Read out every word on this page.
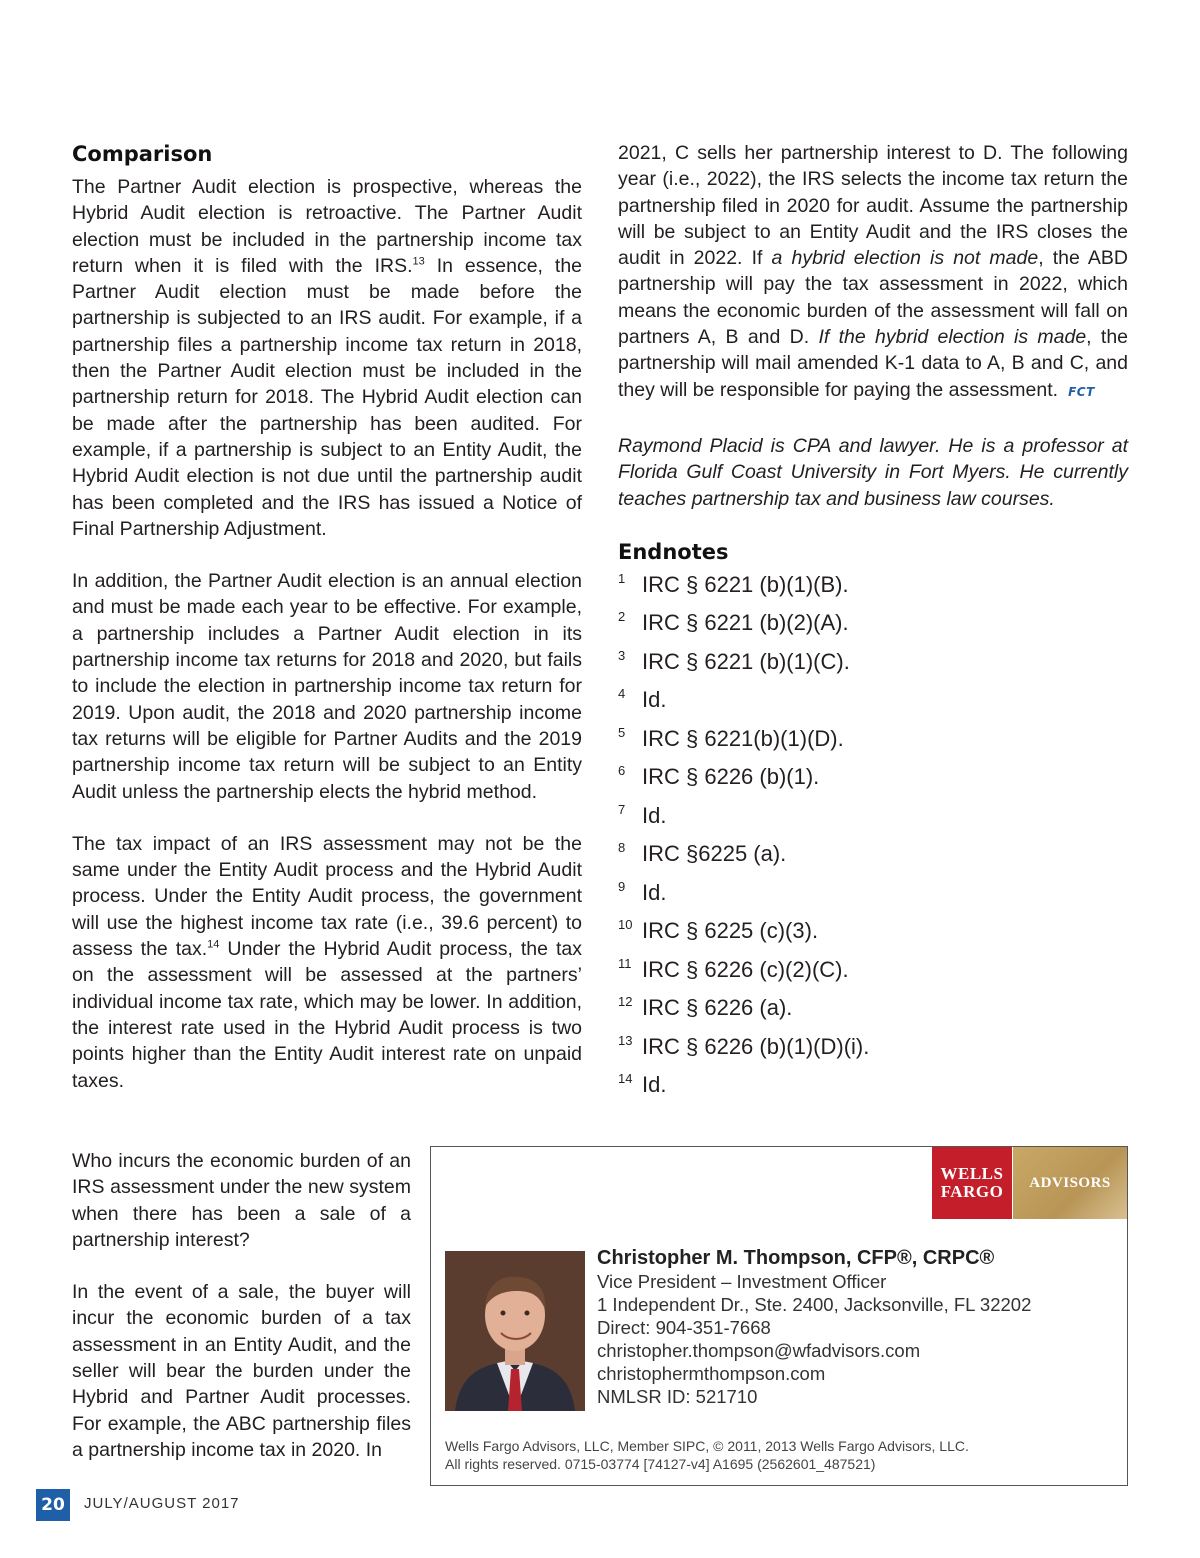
Comparison

The Partner Audit election is prospective, whereas the Hybrid Audit election is retroactive. The Partner Audit election must be included in the partnership income tax return when it is filed with the IRS.$^{13}$ In essence, the Partner Audit election must be made before the partnership is subjected to an IRS audit. For example, if a partnership files a partnership income tax return in 2018, then the Partner Audit election must be included in the partnership return for 2018. The Hybrid Audit election can be made after the partnership has been audited. For example, if a partnership is subject to an Entity Audit, the Hybrid Audit election is not due until the partnership audit has been completed and the IRS has issued a Notice of Final Partnership Adjustment.

In addition, the Partner Audit election is an annual election and must be made each year to be effective. For example, a partnership includes a Partner Audit election in its partnership income tax returns for 2018 and 2020, but fails to include the election in partnership income tax return for 2019. Upon audit, the 2018 and 2020 partnership income tax returns will be eligible for Partner Audits and the 2019 partnership income tax return will be subject to an Entity Audit unless the partnership elects the hybrid method.

The tax impact of an IRS assessment may not be the same under the Entity Audit process and the Hybrid Audit process. Under the Entity Audit process, the government will use the highest income tax rate (i.e., 39.6 percent) to assess the tax.$^{14}$ Under the Hybrid Audit process, the tax on the assessment will be assessed at the partners’ individual income tax rate, which may be lower. In addition, the interest rate used in the Hybrid Audit process is two points higher than the Entity Audit interest rate on unpaid taxes.

Who incurs the economic burden of an IRS assessment under the new system when there has been a sale of a partnership interest?

In the event of a sale, the buyer will incur the economic burden of a tax assessment in an Entity Audit, and the seller will bear the burden under the Hybrid and Partner Audit processes. For example, the ABC partnership files a partnership income tax in 2020. In

2021, C sells her partnership interest to D. The following year (i.e., 2022), the IRS selects the income tax return the partnership filed in 2020 for audit. Assume the partnership will be subject to an Entity Audit and the IRS closes the audit in 2022. If a hybrid election is not made, the ABD partnership will pay the tax assessment in 2022, which means the economic burden of the assessment will fall on partners A, B and D. If the hybrid election is made, the partnership will mail amended K-1 data to A, B and C, and they will be responsible for paying the assessment. FCT

Raymond Placid is CPA and lawyer. He is a professor at Florida Gulf Coast University in Fort Myers. He currently teaches partnership tax and business law courses.

Endnotes
1 IRC § 6221 (b)(1)(B).
2 IRC § 6221 (b)(2)(A).
3 IRC § 6221 (b)(1)(C).
4 Id.
5 IRC § 6221(b)(1)(D).
6 IRC § 6226 (b)(1).
7 Id.
8 IRC §6225 (a).
9 Id.
10 IRC § 6225 (c)(3).
11 IRC § 6226 (c)(2)(C).
12 IRC § 6226 (a).
13 IRC § 6226 (b)(1)(D)(i).
14 Id.
WELLS
FARGO	ADVISORS
Christopher M. Thompson, CFP®, CRPC®
Vice President – Investment Officer
1 Independent Dr., Ste. 2400, Jacksonville, FL 32202
Direct: 904-351-7668
christopher.thompson@wfadvisors.com
christophermthompson.com
NMLSR ID: 521710
Wells Fargo Advisors, LLC, Member SIPC, © 2011, 2013 Wells Fargo Advisors, LLC.
All rights reserved. 0715-03774 [74127-v4] A1695 (2562601_487521)
20	JULY/AUGUST 2017
